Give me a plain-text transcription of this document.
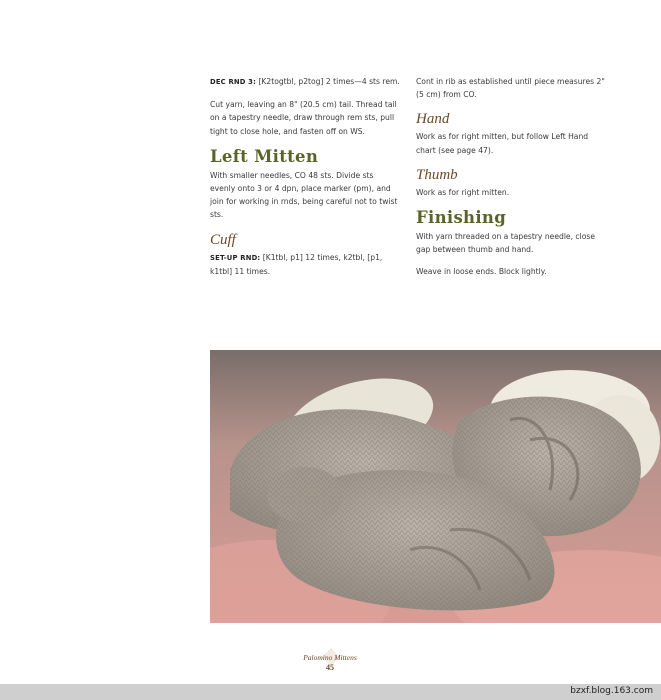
DEC RND 3: [K2togtbl, p2tog] 2 times—4 sts rem.

Cut yarn, leaving an 8" (20.5 cm) tail. Thread tail on a tapestry needle, draw through rem sts, pull tight to close hole, and fasten off on WS.

Left Mitten

With smaller needles, CO 48 sts. Divide sts evenly onto 3 or 4 dpn, place marker (pm), and join for working in rnds, being careful not to twist sts.

Cuff

SET-UP RND: [K1tbl, p1] 12 times, k2tbl, [p1, k1tbl] 11 times.

Cont in rib as established until piece measures 2" (5 cm) from CO.

Hand

Work as for right mitten, but follow Left Hand chart (see page 47).

Thumb

Work as for right mitten.

Finishing

With yarn threaded on a tapestry needle, close gap between thumb and hand.

Weave in loose ends. Block lightly.

Palomino Mittens
45
bzxf.blog.163.com
